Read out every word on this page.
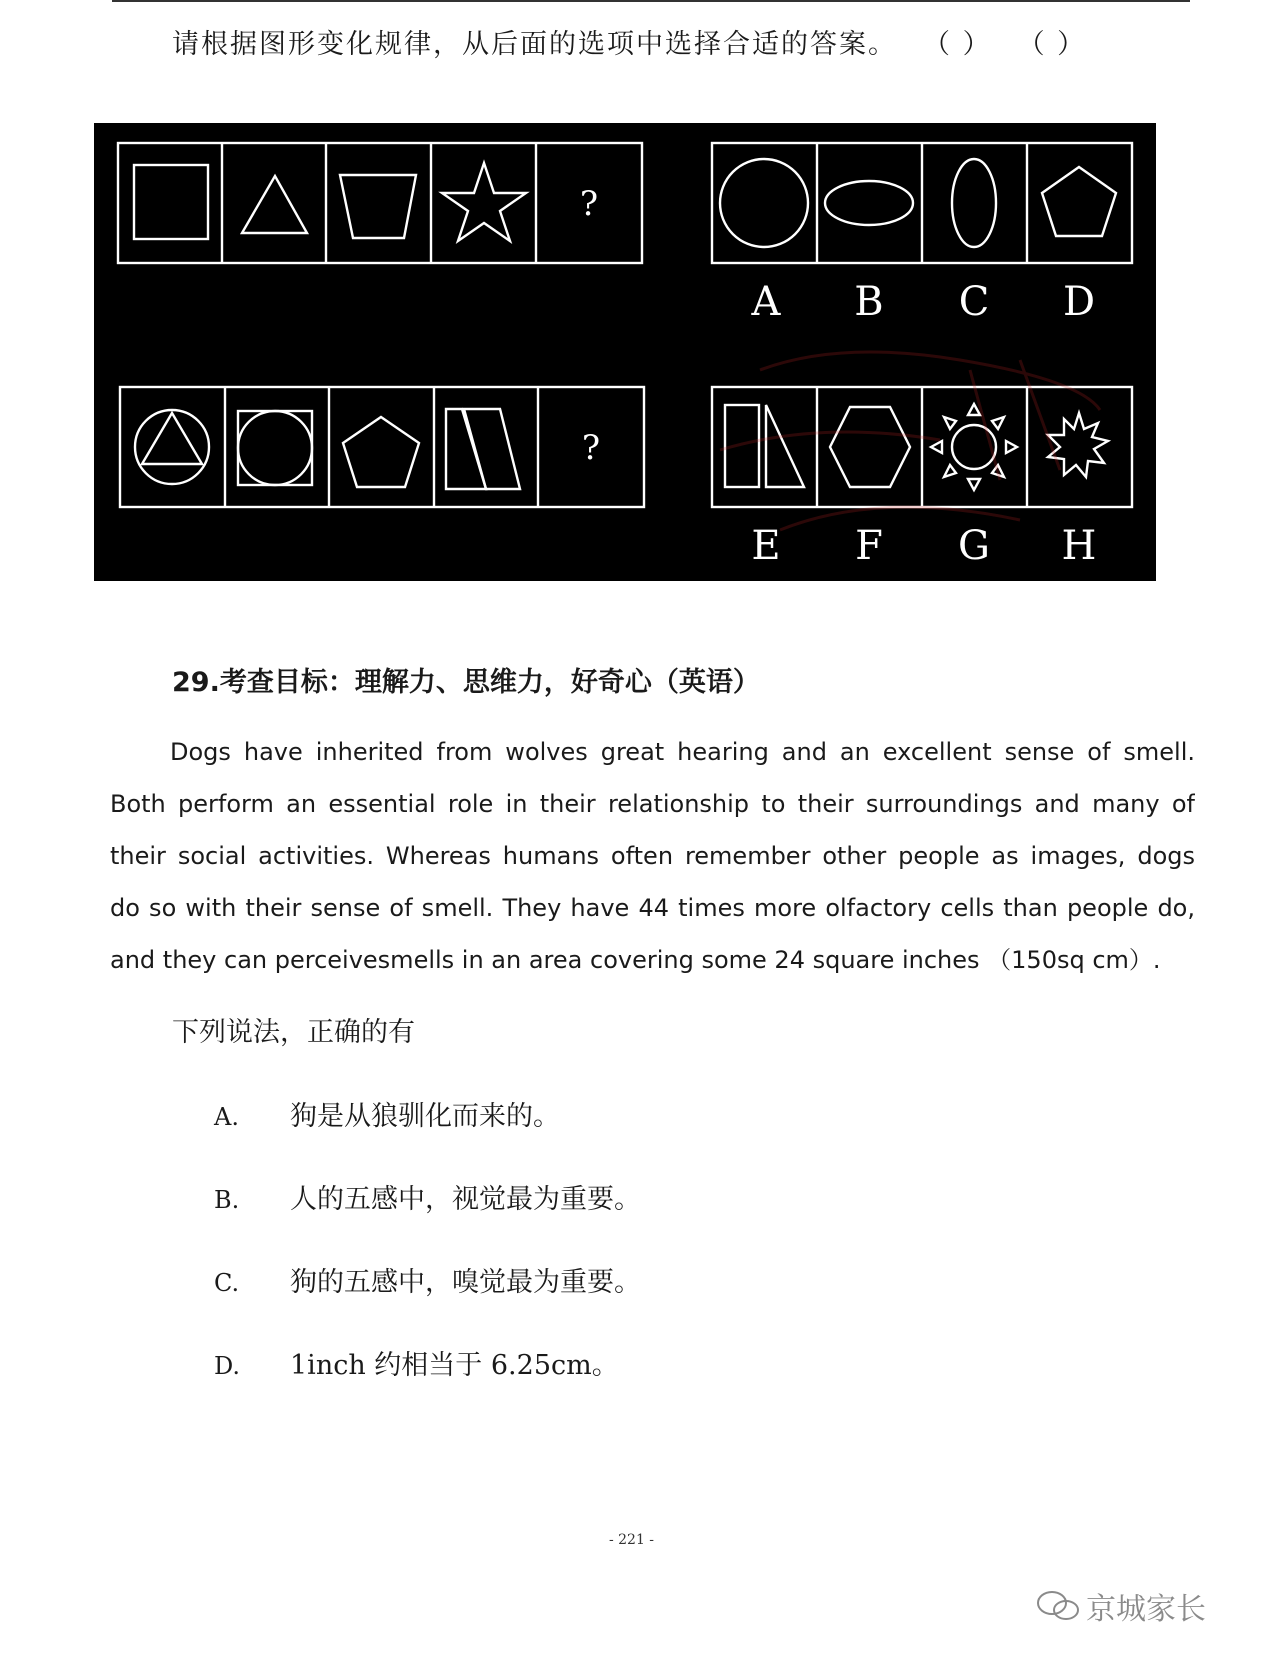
请根据图形变化规律，从后面的选项中选择合适的答案。 （ ） （ ）
?
?
A B C D
E F G H
29.考查目标：理解力、思维力，好奇心（英语）
Dogs have inherited from wolves great hearing and an excellent sense of smell.
Both perform an essential role in their relationship to their surroundings and many of
their social activities. Whereas humans often remember other people as images, dogs
do so with their sense of smell. They have 44 times more olfactory cells than people do,
and they can perceivesmells in an area covering some 24 square inches （150sq cm）.
下列说法，正确的有
A. 狗是从狼驯化而来的。
B. 人的五感中，视觉最为重要。
C. 狗的五感中，嗅觉最为重要。
D. 1inch 约相当于 6.25cm。
- 221 -
京城家长
